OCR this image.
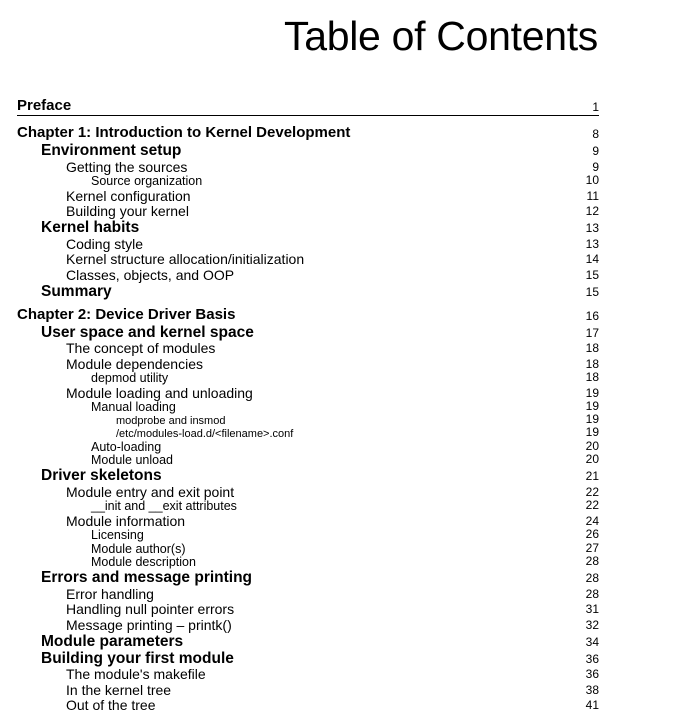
Table of Contents
Preface	1
Chapter 1: Introduction to Kernel Development	8
Environment setup	9
Getting the sources	9
Source organization	10
Kernel configuration	11
Building your kernel	12
Kernel habits	13
Coding style	13
Kernel structure allocation/initialization	14
Classes, objects, and OOP	15
Summary	15
Chapter 2: Device Driver Basis	16
User space and kernel space	17
The concept of modules	18
Module dependencies	18
depmod utility	18
Module loading and unloading	19
Manual loading	19
modprobe and insmod	19
/etc/modules-load.d/<filename>.conf	19
Auto-loading	20
Module unload	20
Driver skeletons	21
Module entry and exit point	22
__init and __exit attributes	22
Module information	24
Licensing	26
Module author(s)	27
Module description	28
Errors and message printing	28
Error handling	28
Handling null pointer errors	31
Message printing – printk()	32
Module parameters	34
Building your first module	36
The module's makefile	36
In the kernel tree	38
Out of the tree	41
